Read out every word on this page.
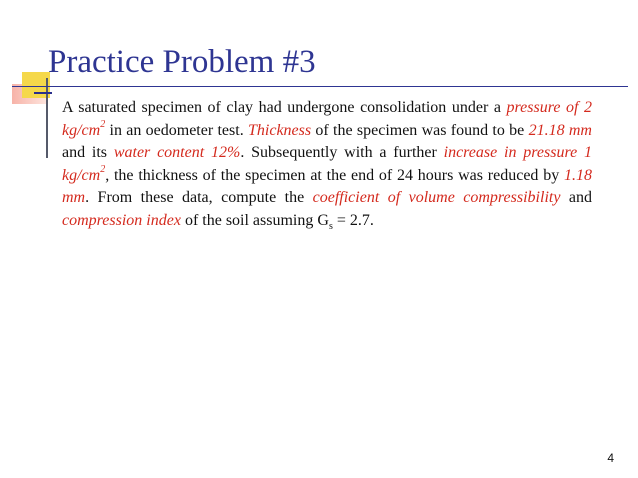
Practice Problem #3
A saturated specimen of clay had undergone consolidation under a pressure of 2 $kg/cm^2$ in an oedometer test. Thickness of the specimen was found to be 21.18 mm and its water content 12%. Subsequently with a further increase in pressure 1 $kg/cm^2$, the thickness of the specimen at the end of 24 hours was reduced by 1.18 mm. From these data, compute the coefficient of volume compressibility and compression index of the soil assuming $G_s = 2.7$.
4
